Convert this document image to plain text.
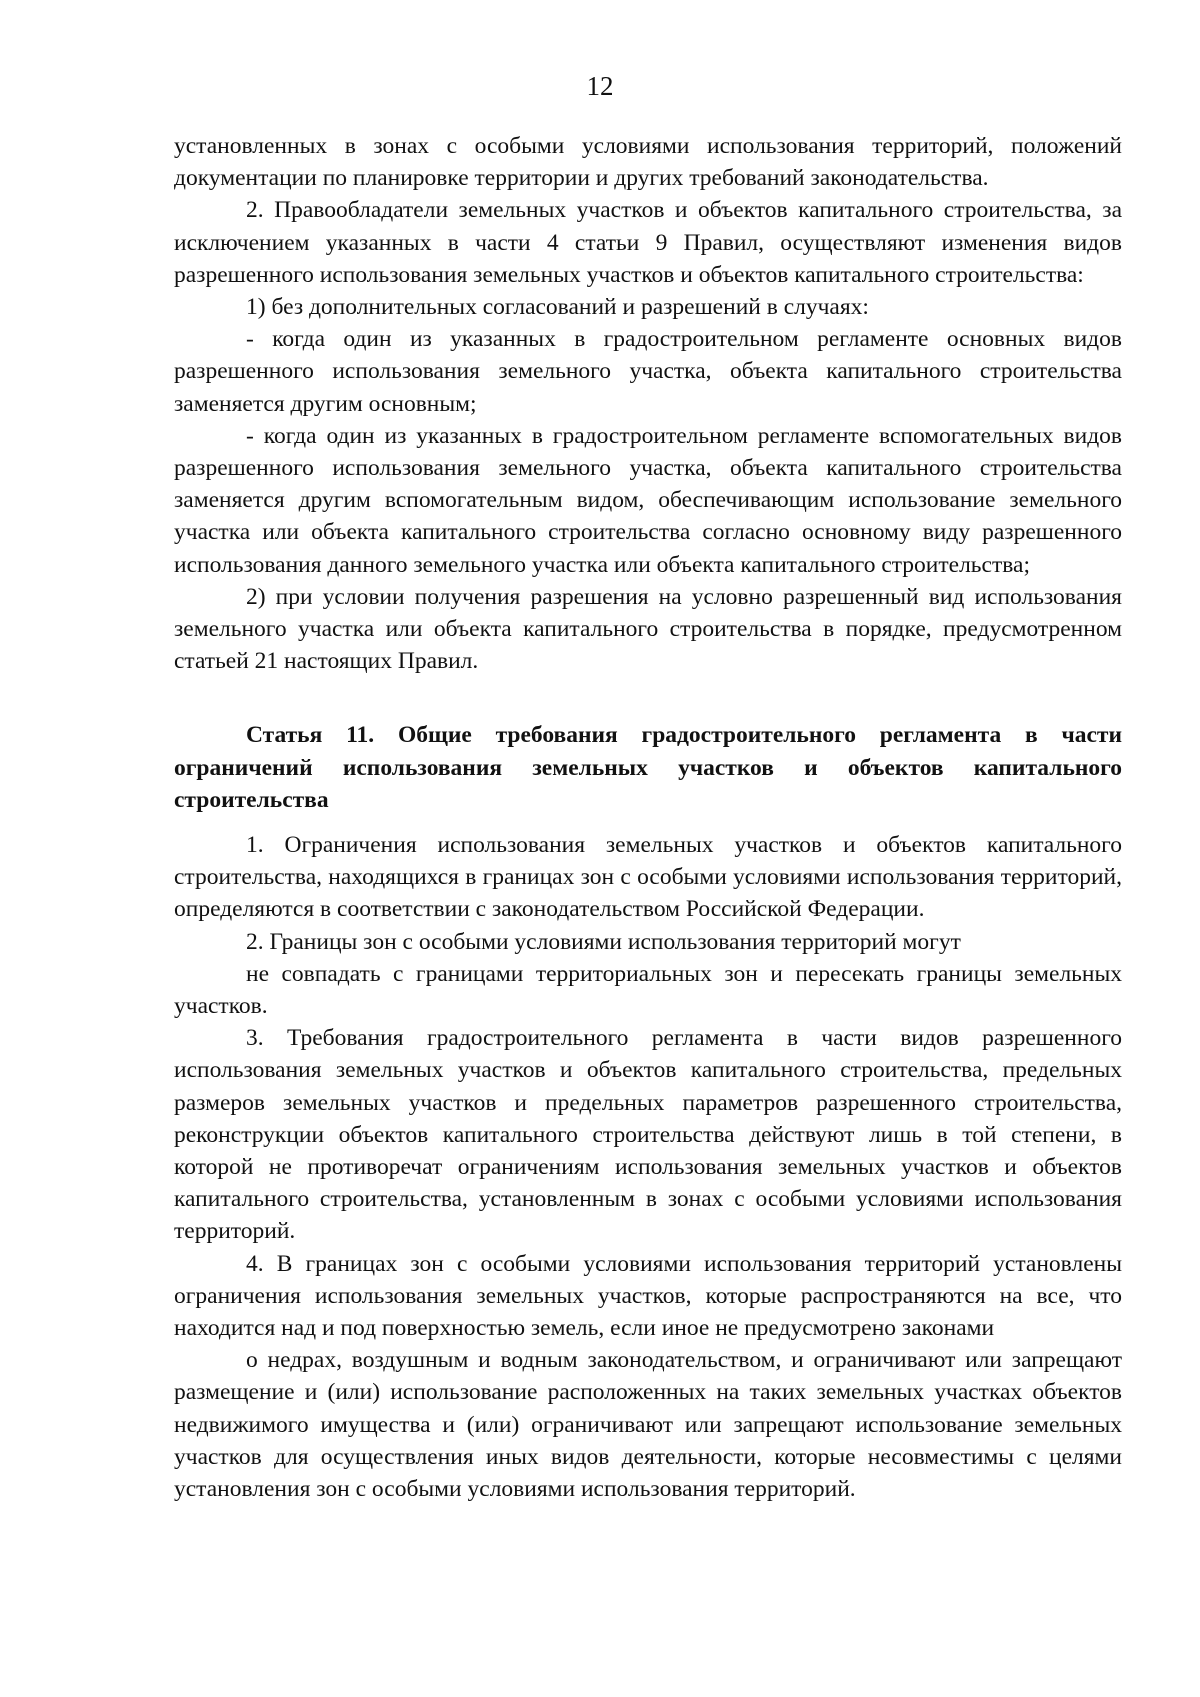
12

установленных в зонах с особыми условиями использования территорий, положений документации по планировке территории и других требований законодательства.

2. Правообладатели земельных участков и объектов капитального строительства, за исключением указанных в части 4 статьи 9 Правил, осуществляют изменения видов разрешенного использования земельных участков и объектов капитального строительства:

1) без дополнительных согласований и разрешений в случаях:

- когда один из указанных в градостроительном регламенте основных видов разрешенного использования земельного участка, объекта капитального строительства заменяется другим основным;

- когда один из указанных в градостроительном регламенте вспомогательных видов разрешенного использования земельного участка, объекта капитального строительства заменяется другим вспомогательным видом, обеспечивающим использование земельного участка или объекта капитального строительства согласно основному виду разрешенного использования данного земельного участка или объекта капитального строительства;

2) при условии получения разрешения на условно разрешенный вид использования земельного участка или объекта капитального строительства в порядке, предусмотренном статьей 21 настоящих Правил.

Статья 11. Общие требования градостроительного регламента в части ограничений использования земельных участков и объектов капитального строительства

1. Ограничения использования земельных участков и объектов капитального строительства, находящихся в границах зон с особыми условиями использования территорий, определяются в соответствии с законодательством Российской Федерации.

2. Границы зон с особыми условиями использования территорий могут

не совпадать с границами территориальных зон и пересекать границы земельных участков.

3. Требования градостроительного регламента в части видов разрешенного использования земельных участков и объектов капитального строительства, предельных размеров земельных участков и предельных параметров разрешенного строительства, реконструкции объектов капитального строительства действуют лишь в той степени, в которой не противоречат ограничениям использования земельных участков и объектов капитального строительства, установленным в зонах с особыми условиями использования территорий.

4. В границах зон с особыми условиями использования территорий установлены ограничения использования земельных участков, которые распространяются на все, что находится над и под поверхностью земель, если иное не предусмотрено законами

о недрах, воздушным и водным законодательством, и ограничивают или запрещают размещение и (или) использование расположенных на таких земельных участках объектов недвижимого имущества и (или) ограничивают или запрещают использование земельных участков для осуществления иных видов деятельности, которые несовместимы с целями установления зон с особыми условиями использования территорий.
